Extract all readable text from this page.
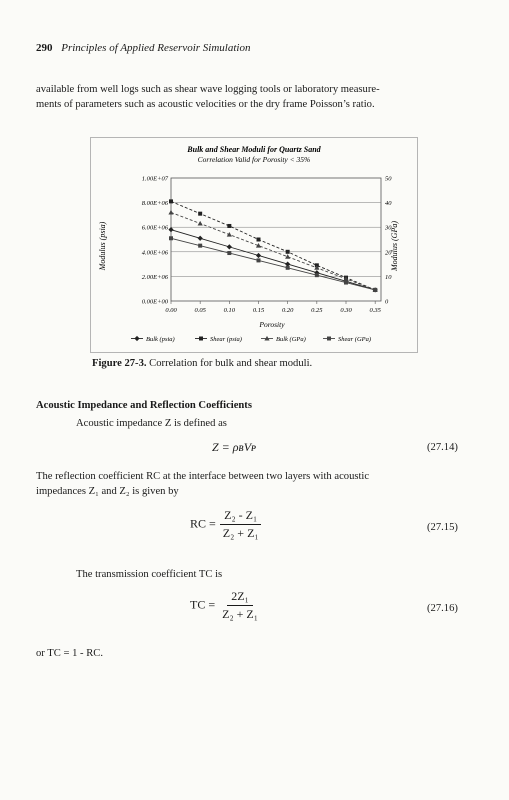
290 Principles of Applied Reservoir Simulation
available from well logs such as shear wave logging tools or laboratory measure-
ments of parameters such as acoustic velocities or the dry frame Poisson’s ratio.
Bulk and Shear Moduli for Quartz Sand
Correlation Valid for Porosity < 35%
Modulus (psia)	Modulus (GPa)
Porosity
0.00E+00
2.00E+06
4.00E+06
6.00E+06
8.00E+06
1.00E+07
0
10
20
30
40
50
0.00	0.05	0.10	0.15	0.20	0.25	0.30	0.35
Bulk (psia)	Shear (psia)	Bulk (GPa)	Shear (GPa)
Figure 27-3. Correlation for bulk and shear moduli.
Acoustic Impedance and Reflection Coefficients
Acoustic impedance Z is defined as
Z = ρʙVᴘ	(27.14)
The reflection coefficient RC at the interface between two layers with acoustic
impedances Z₁ and Z₂ is given by
RC = $\frac{\text{Z₂ - Z₁}}{\text{Z₂ + Z₁}}$	(27.15)
The transmission coefficient TC is
TC = $\frac{\text{2Z₁}}{\text{Z₂ + Z₁}}$	(27.16)
or TC = 1 - RC.
